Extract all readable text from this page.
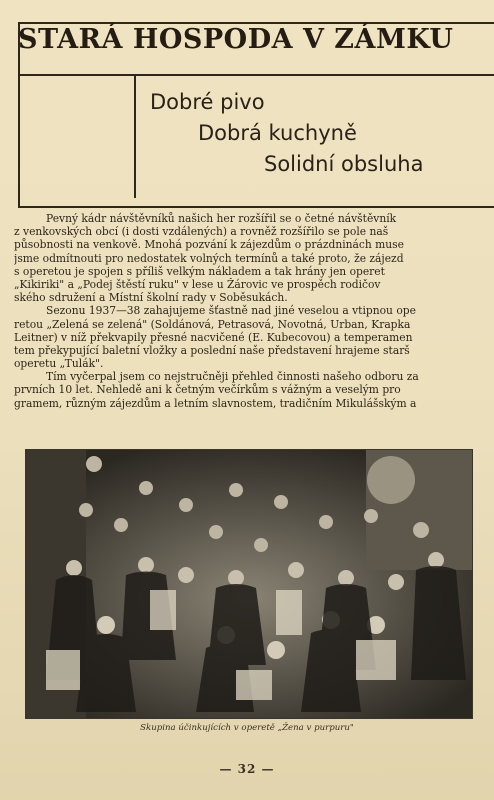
STARÁ HOSPODA V ZÁMKU
Dobré pivo
Dobrá kuchyně
Solidní obsluha
Pevný kádr návštěvníků našich her rozšířil se o četné návštěvník
z venkovských obcí (i dosti vzdálených) a rovněž rozšířilo se pole naš
působnosti na venkově. Mnohá pozvání k zájezdům o prázdninách muse
jsme odmítnouti pro nedostatek volných termínů a také proto, že zájezd
s operetou je spojen s příliš velkým nákladem a tak hrány jen operet
„Kikiriki" a „Podej štěstí ruku" v lese u Žárovic ve prospěch rodičov
ského sdružení a Místní školní rady v Soběsukách.
Sezonu 1937—38 zahajujeme šťastně nad jiné veselou a vtipnou ope
retou „Zelená se zelená" (Soldánová, Petrasová, Novotná, Urban, Krapka
Leitner) v níž překvapily přesné nacvičené (E. Kubecovou) a temperamen
tem překypující baletní vložky a poslední naše představení hrajeme starš
operetu „Tulák".
Tím vyčerpal jsem co nejstručněji přehled činnosti našeho odboru za
prvních 10 let. Nehledě ani k četným večírkům s vážným a veselým pro
gramem, různým zájezdům a letním slavnostem, tradičním Mikulášským a
Skupina účinkujících v operetě „Žena v purpuru"
— 32 —
